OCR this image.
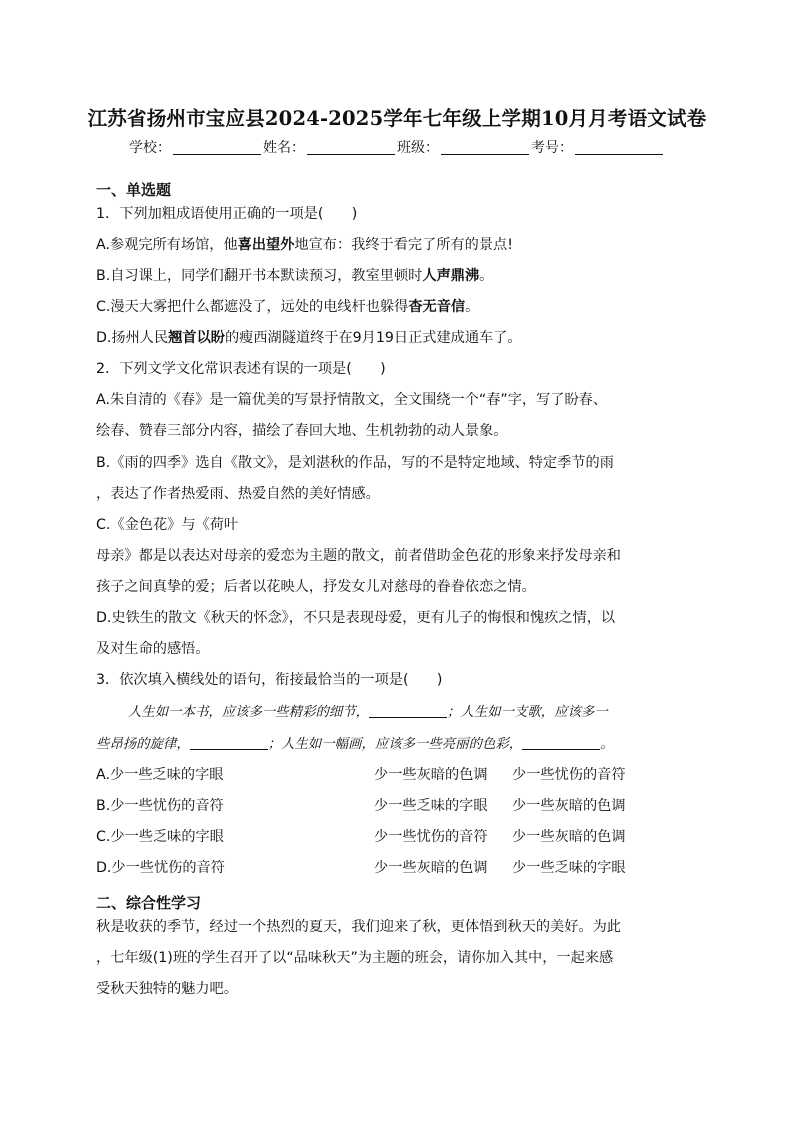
江苏省扬州市宝应县2024-2025学年七年级上学期10月月考语文试卷
学校：	姓名：	班级：	考号：
一、单选题
1．下列加粗成语使用正确的一项是(　　)
A.参观完所有场馆，他喜出望外地宣布：我终于看完了所有的景点!
B.自习课上，同学们翻开书本默读预习，教室里顿时人声鼎沸。
C.漫天大雾把什么都遮没了，远处的电线杆也躲得杳无音信。
D.扬州人民翘首以盼的瘦西湖隧道终于在9月19日正式建成通车了。
2．下列文学文化常识表述有误的一项是(　　)
A.朱自清的《春》是一篇优美的写景抒情散文，全文围绕一个“春”字，写了盼春、
绘春、赞春三部分内容，描绘了春回大地、生机勃勃的动人景象。
B.《雨的四季》选自《散文》，是刘湛秋的作品，写的不是特定地域、特定季节的雨
，表达了作者热爱雨、热爱自然的美好情感。
C.《金色花》与《荷叶
母亲》都是以表达对母亲的爱恋为主题的散文，前者借助金色花的形象来抒发母亲和
孩子之间真挚的爱；后者以花映人，抒发女儿对慈母的眷眷依恋之情。
D.史铁生的散文《秋天的怀念》，不只是表现母爱，更有儿子的悔恨和愧疚之情，以
及对生命的感悟。
3．依次填入横线处的语句，衔接最恰当的一项是(　　)
人生如一本书，应该多一些精彩的细节，	；人生如一支歌，应该多一
些昂扬的旋律，	；人生如一幅画，应该多一些亮丽的色彩，	。
A.少一些乏味的字眼	少一些灰暗的色调 少一些忧伤的音符
B.少一些忧伤的音符	少一些乏味的字眼 少一些灰暗的色调
C.少一些乏味的字眼	少一些忧伤的音符 少一些灰暗的色调
D.少一些忧伤的音符	少一些灰暗的色调 少一些乏味的字眼
二、综合性学习
秋是收获的季节，经过一个热烈的夏天，我们迎来了秋，更体悟到秋天的美好。为此
，七年级(1)班的学生召开了以“品味秋天”为主题的班会，请你加入其中，一起来感
受秋天独特的魅力吧。
